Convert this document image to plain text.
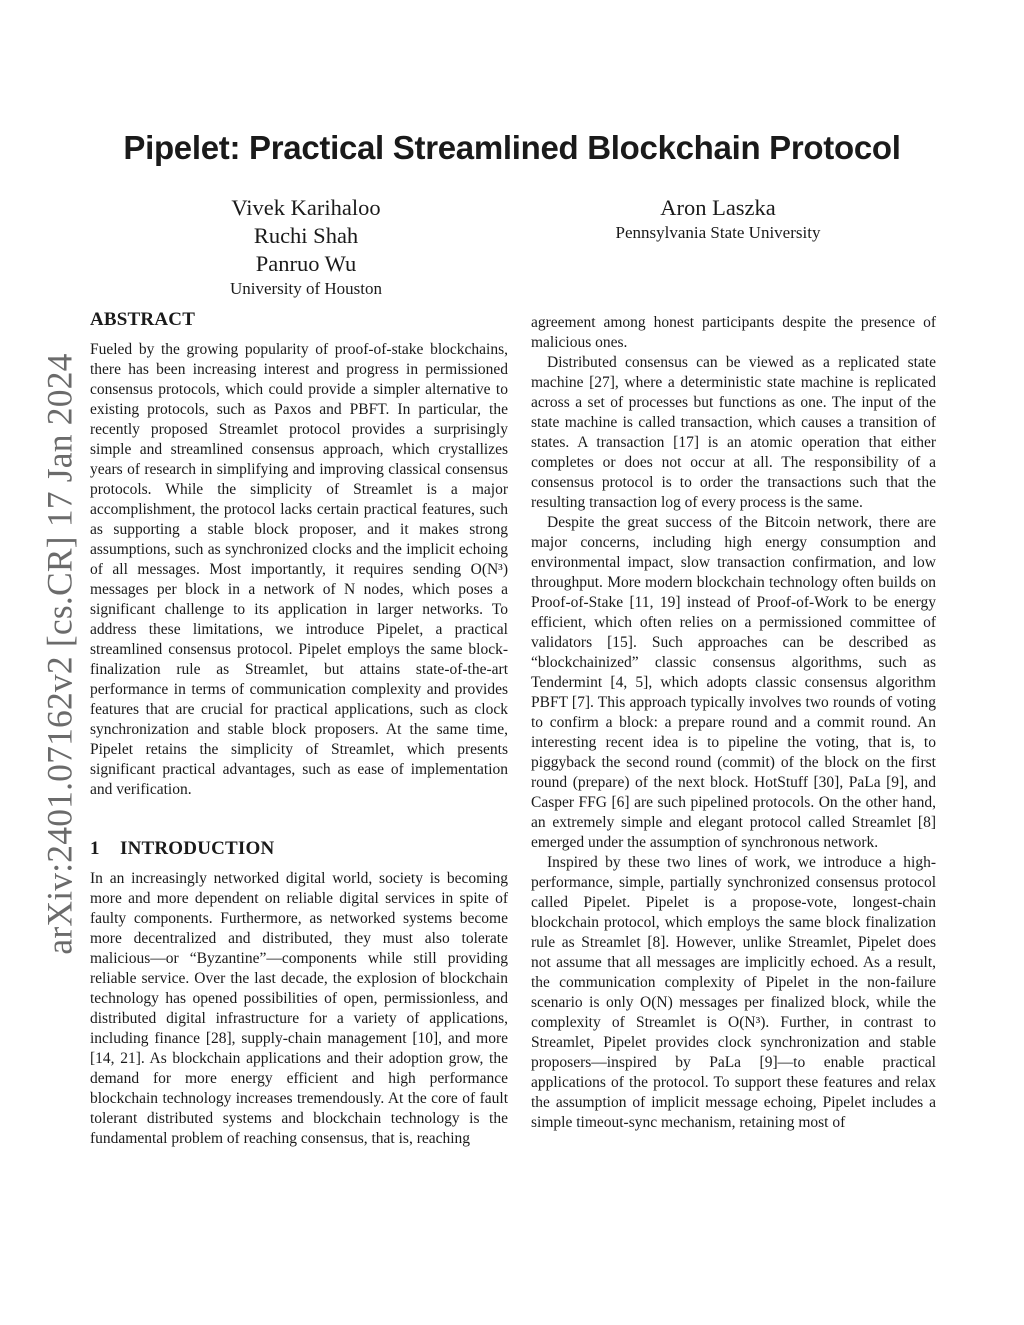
arXiv:2401.07162v2 [cs.CR] 17 Jan 2024
Pipelet: Practical Streamlined Blockchain Protocol
Vivek Karihaloo
Ruchi Shah
Panruo Wu
University of Houston
Aron Laszka
Pennsylvania State University
ABSTRACT

Fueled by the growing popularity of proof-of-stake blockchains, there has been increasing interest and progress in permissioned consensus protocols, which could provide a simpler alternative to existing protocols, such as Paxos and PBFT. In particular, the recently proposed Streamlet protocol provides a surprisingly simple and streamlined consensus approach, which crystallizes years of research in simplifying and improving classical consensus protocols. While the simplicity of Streamlet is a major accomplishment, the protocol lacks certain practical features, such as supporting a stable block proposer, and it makes strong assumptions, such as synchronized clocks and the implicit echoing of all messages. Most importantly, it requires sending O(N³) messages per block in a network of N nodes, which poses a significant challenge to its application in larger networks. To address these limitations, we introduce Pipelet, a practical streamlined consensus protocol. Pipelet employs the same block-finalization rule as Streamlet, but attains state-of-the-art performance in terms of communication complexity and provides features that are crucial for practical applications, such as clock synchronization and stable block proposers. At the same time, Pipelet retains the simplicity of Streamlet, which presents significant practical advantages, such as ease of implementation and verification.

1 INTRODUCTION

In an increasingly networked digital world, society is becoming more and more dependent on reliable digital services in spite of faulty components. Furthermore, as networked systems become more decentralized and distributed, they must also tolerate malicious—or “Byzantine”—components while still providing reliable service. Over the last decade, the explosion of blockchain technology has opened possibilities of open, permissionless, and distributed digital infrastructure for a variety of applications, including finance [28], supply-chain management [10], and more [14, 21]. As blockchain applications and their adoption grow, the demand for more energy efficient and high performance blockchain technology increases tremendously. At the core of fault tolerant distributed systems and blockchain technology is the fundamental problem of reaching consensus, that is, reaching

agreement among honest participants despite the presence of malicious ones.

Distributed consensus can be viewed as a replicated state machine [27], where a deterministic state machine is replicated across a set of processes but functions as one. The input of the state machine is called transaction, which causes a transition of states. A transaction [17] is an atomic operation that either completes or does not occur at all. The responsibility of a consensus protocol is to order the transactions such that the resulting transaction log of every process is the same.

Despite the great success of the Bitcoin network, there are major concerns, including high energy consumption and environmental impact, slow transaction confirmation, and low throughput. More modern blockchain technology often builds on Proof-of-Stake [11, 19] instead of Proof-of-Work to be energy efficient, which often relies on a permissioned committee of validators [15]. Such approaches can be described as “blockchainized” classic consensus algorithms, such as Tendermint [4, 5], which adopts classic consensus algorithm PBFT [7]. This approach typically involves two rounds of voting to confirm a block: a prepare round and a commit round. An interesting recent idea is to pipeline the voting, that is, to piggyback the second round (commit) of the block on the first round (prepare) of the next block. HotStuff [30], PaLa [9], and Casper FFG [6] are such pipelined protocols. On the other hand, an extremely simple and elegant protocol called Streamlet [8] emerged under the assumption of synchronous network.

Inspired by these two lines of work, we introduce a high-performance, simple, partially synchronized consensus protocol called Pipelet. Pipelet is a propose-vote, longest-chain blockchain protocol, which employs the same block finalization rule as Streamlet [8]. However, unlike Streamlet, Pipelet does not assume that all messages are implicitly echoed. As a result, the communication complexity of Pipelet in the non-failure scenario is only O(N) messages per finalized block, while the complexity of Streamlet is O(N³). Further, in contrast to Streamlet, Pipelet provides clock synchronization and stable proposers—inspired by PaLa [9]—to enable practical applications of the protocol. To support these features and relax the assumption of implicit message echoing, Pipelet includes a simple timeout-sync mechanism, retaining most of
